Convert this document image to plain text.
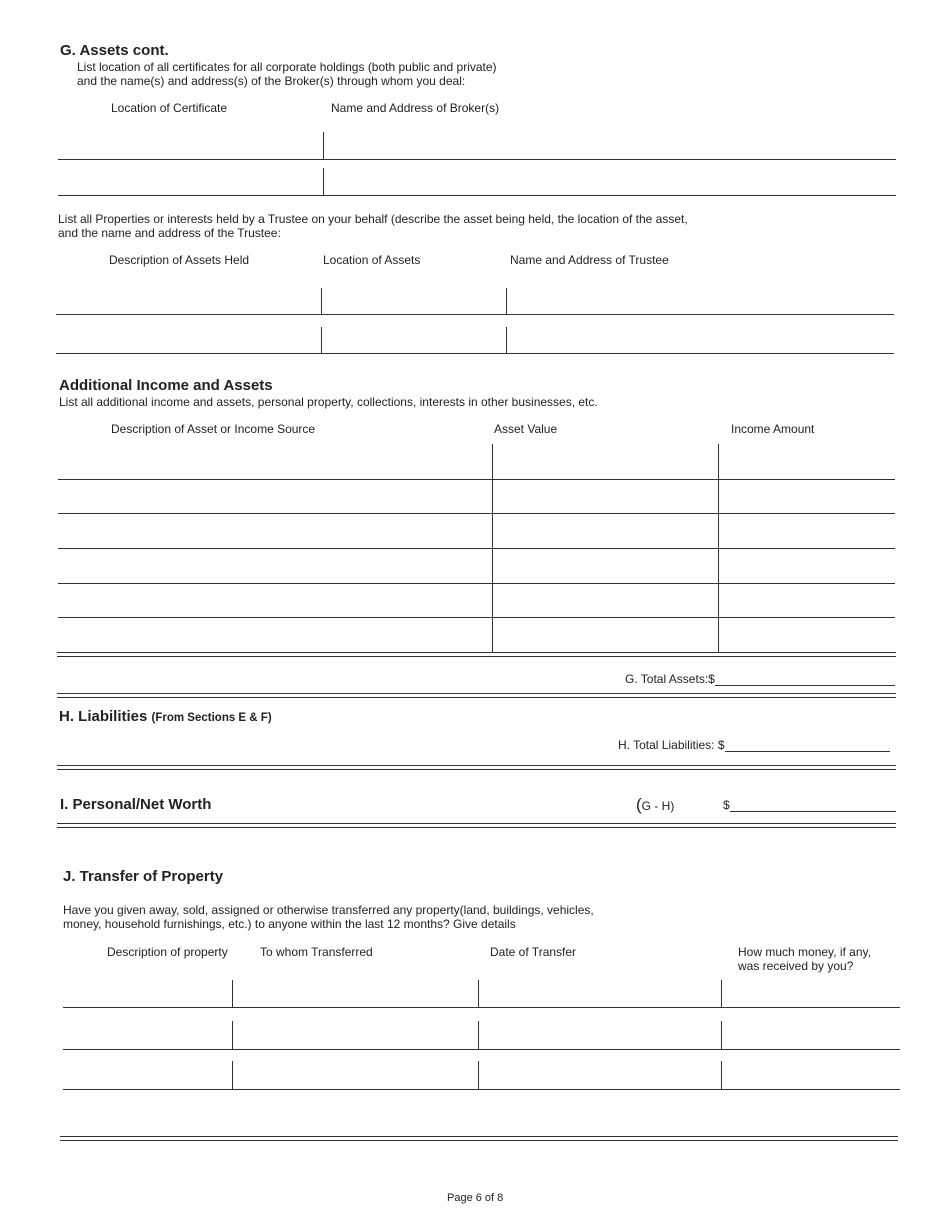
G. Assets cont.
List location of all certificates for all corporate holdings (both public and private)
and the name(s) and address(s) of the Broker(s) through whom you deal:
Location of Certificate	Name and Address of Broker(s)
List all Properties or interests held by a Trustee on your behalf (describe the asset being held, the location of the asset,
and the name and address of the Trustee:
Description of Assets Held	Location of Assets	Name and Address of Trustee
Additional Income and Assets
List all additional income and assets, personal property, collections, interests in other businesses, etc.
Description of Asset or Income Source	Asset Value	Income Amount
G. Total Assets:$
H. Liabilities (From Sections E & F)
H. Total Liabilities: $
I. Personal/Net Worth	(G - H)	$
J. Transfer of Property
Have you given away, sold, assigned or otherwise transferred any property(land, buildings, vehicles,
money, household furnishings, etc.) to anyone within the last 12 months? Give details
Description of property	To whom Transferred	Date of Transfer	How much money, if any,
was received by you?
Page 6 of 8
